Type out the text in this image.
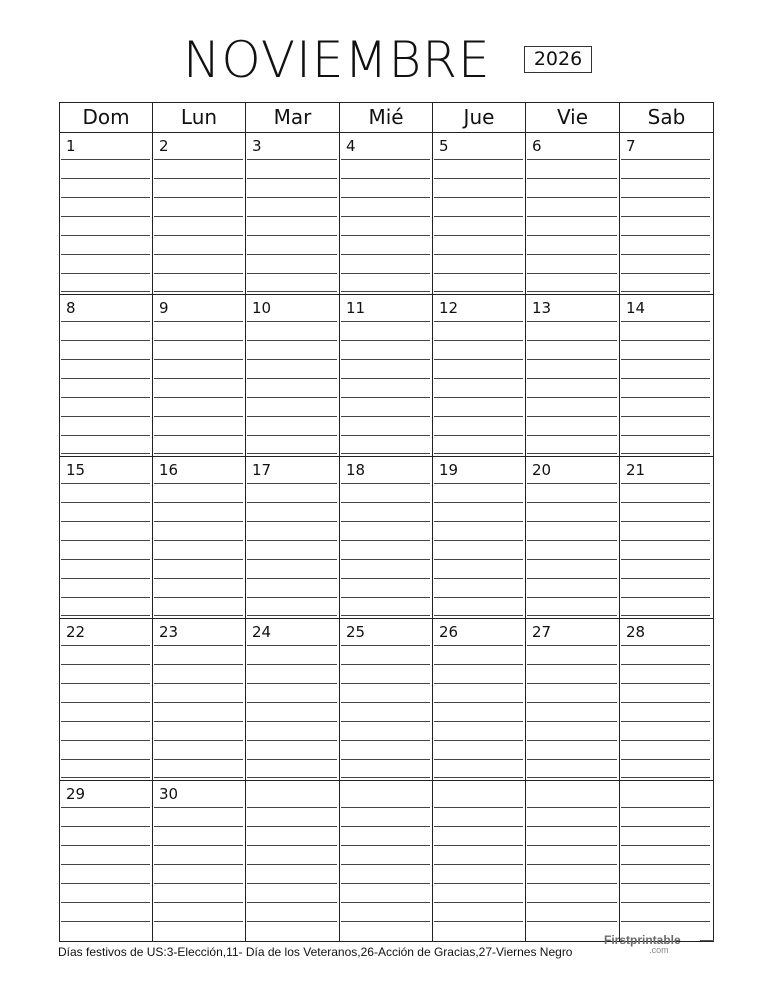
NOVIEMBRE	2026
Dom	Lun	Mar	Mié	Jue	Vie	Sab
1	2	3	4	5	6	7
8	9	10	11	12	13	14
15	16	17	18	19	20	21
22	23	24	25	26	27	28
29	30
Días festivos de US:3-Elección,11- Día de los Veteranos,26-Acción de Gracias,27-Viernes Negro
Firstprintable
.com
